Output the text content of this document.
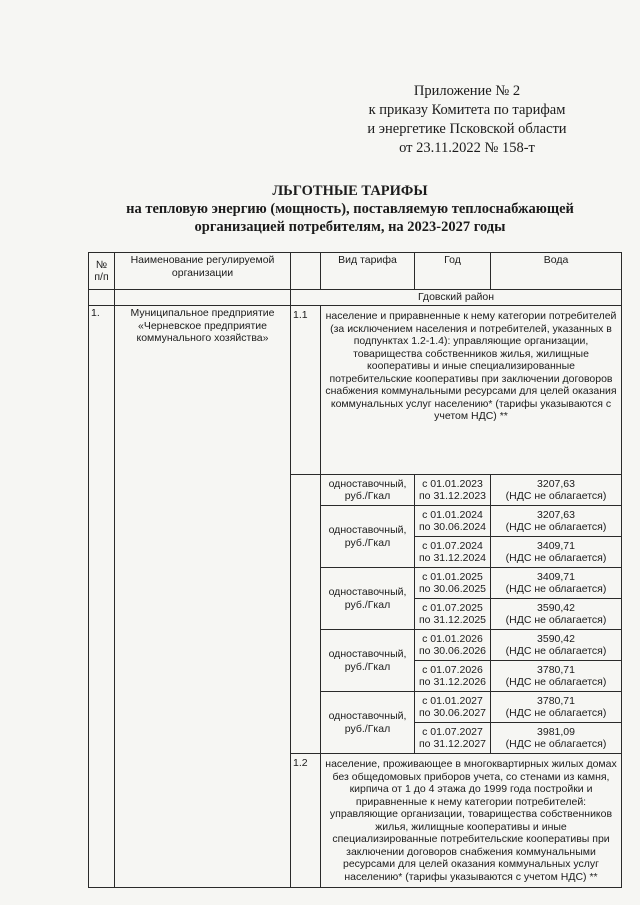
Приложение № 2
к приказу Комитета по тарифам
и энергетике Псковской области
от 23.11.2022 № 158-т
ЛЬГОТНЫЕ ТАРИФЫ
на тепловую энергию (мощность), поставляемую теплоснабжающей
организацией потребителям, на 2023-2027 годы
№ п/п	Наименование регулируемой организации		Вид тарифа	Год	Вода
		Гдовский район			
1.	Муниципальное предприятие «Черневское предприятие коммунального хозяйства»	1.1	население и приравненные к нему категории потребителей (за исключением населения и потребителей, указанных в подпунктах 1.2-1.4): управляющие организации, товарищества собственников жилья, жилищные кооперативы и иные специализированные потребительские кооперативы при заключении договоров снабжения коммунальными ресурсами для целей оказания коммунальных услуг населению* (тарифы указываются с учетом НДС) **		
			одноставочный, руб./Гкал	с 01.01.2023 по 31.12.2023	3207,63
(НДС не облагается)

			одноставочный, руб./Гкал	с 01.01.2024 по 30.06.2024	3207,63
(НДС не облагается)

				с 01.07.2024 по 31.12.2024	3409,71
(НДС не облагается)

			одноставочный, руб./Гкал	с 01.01.2025 по 30.06.2025	3409,71
(НДС не облагается)

				с 01.07.2025 по 31.12.2025	3590,42
(НДС не облагается)

			одноставочный, руб./Гкал	с 01.01.2026 по 30.06.2026	3590,42
(НДС не облагается)

				с 01.07.2026 по 31.12.2026	3780,71
(НДС не облагается)

			одноставочный, руб./Гкал	с 01.01.2027 по 30.06.2027	3780,71
(НДС не облагается)

				с 01.07.2027 по 31.12.2027	3981,09
(НДС не облагается)

		1.2	население, проживающее в многоквартирных жилых домах без общедомовых приборов учета, со стенами из камня, кирпича от 1 до 4 этажа до 1999 года постройки и приравненные к нему категории потребителей: управляющие организации, товарищества собственников жилья, жилищные кооперативы и иные специализированные потребительские кооперативы при заключении договоров снабжения коммунальными ресурсами для целей оказания коммунальных услуг населению* (тарифы указываются с учетом НДС) **		
